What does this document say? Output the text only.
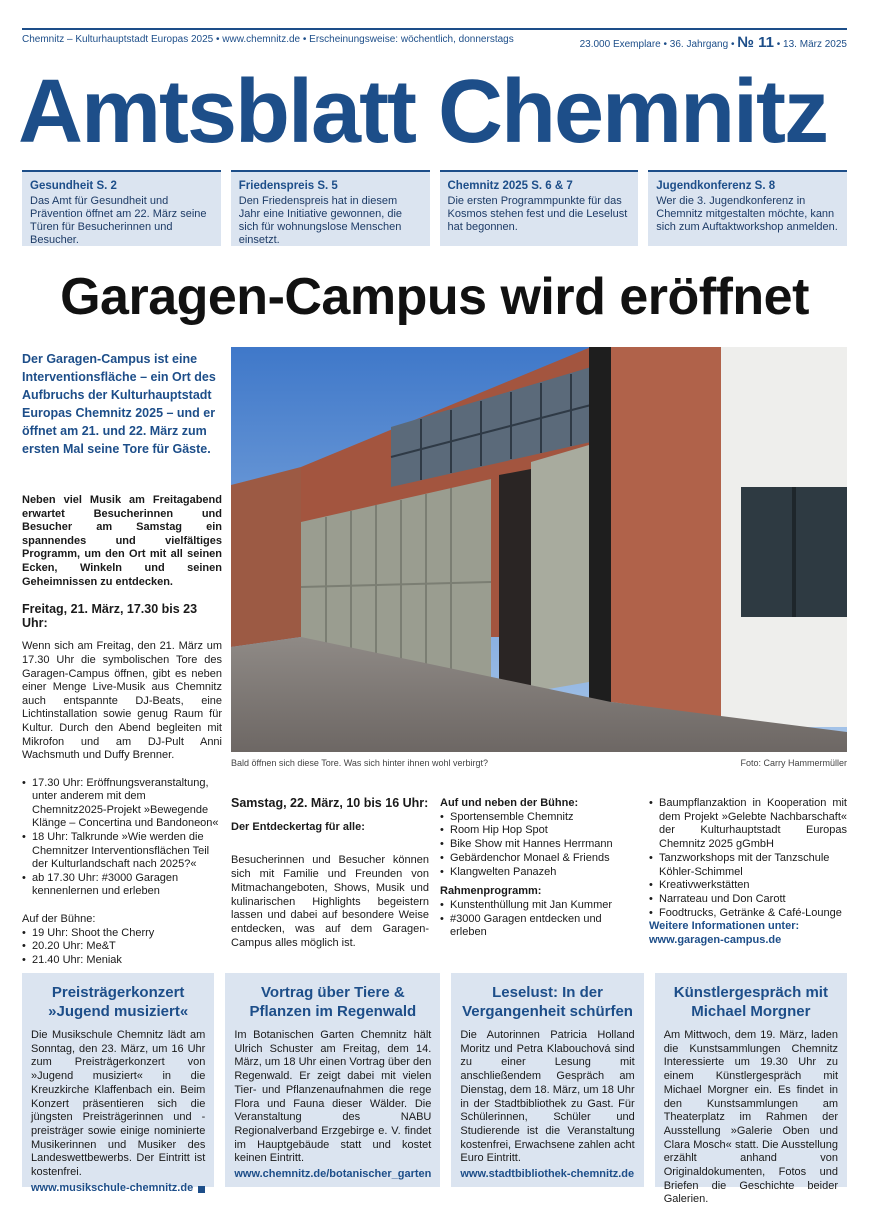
Chemnitz – Kulturhauptstadt Europas 2025 • www.chemnitz.de • Erscheinungsweise: wöchentlich, donnerstags	23.000 Exemplare • 36. Jahrgang • № 11 • 13. März 2025
Amtsblatt Chemnitz
Gesundheit S. 2
Das Amt für Gesundheit und Prävention öffnet am 22. März seine Türen für Besucherinnen und Besucher.
Friedenspreis S. 5
Den Friedenspreis hat in diesem Jahr eine Initiative gewonnen, die sich für wohnungslose Menschen einsetzt.
Chemnitz 2025 S. 6 & 7
Die ersten Programmpunkte für das Kosmos stehen fest und die Leselust hat begonnen.
Jugendkonferenz S. 8
Wer die 3. Jugendkonferenz in Chemnitz mitgestalten möchte, kann sich zum Auftaktworkshop anmelden.
Garagen-Campus wird eröffnet
Der Garagen-Campus ist eine Interventionsfläche – ein Ort des Aufbruchs der Kulturhauptstadt Europas Chemnitz 2025 – und er öffnet am 21. und 22. März zum ersten Mal seine Tore für Gäste.
Neben viel Musik am Freitagabend erwartet Besucherinnen und Besucher am Samstag ein spannendes und vielfältiges Programm, um den Ort mit all seinen Ecken, Winkeln und seinen Geheimnissen zu entdecken.
Freitag, 21. März, 17.30 bis 23 Uhr:

Wenn sich am Freitag, den 21. März um 17.30 Uhr die symbolischen Tore des Garagen-Campus öffnen, gibt es neben einer Menge Live-Musik aus Chemnitz auch entspannte DJ-Beats, eine Lichtinstallation sowie genug Raum für Kultur. Durch den Abend begleiten mit Mikrofon und am DJ-Pult Anni Wachsmuth und Duffy Brenner.

• 17.30 Uhr: Eröffnungsveranstaltung, unter anderem mit dem Chemnitz2025-Projekt »Bewegende Klänge – Concertina und Bandoneon«
• 18 Uhr: Talkrunde »Wie werden die Chemnitzer Interventionsflächen Teil der Kulturlandschaft nach 2025?«
• ab 17.30 Uhr: #3000 Garagen kennenlernen und erleben
Auf der Bühne:
• 19 Uhr: Shoot the Cherry
• 20.20 Uhr: Me&T
• 21.40 Uhr: Meniak
Bald öffnen sich diese Tore. Was sich hinter ihnen wohl verbirgt?	Foto: Carry Hammermüller
Samstag, 22. März, 10 bis 16 Uhr:
Der Entdeckertag für alle:

Besucherinnen und Besucher können sich mit Familie und Freunden von Mitmachangeboten, Shows, Musik und kulinarischen Highlights begeistern lassen und dabei auf besondere Weise entdecken, was auf dem Garagen-Campus alles möglich ist.

Auf und neben der Bühne:
• Sportensemble Chemnitz
• Room Hip Hop Spot
• Bike Show mit Hannes Herrmann
• Gebärdenchor Monael & Friends
• Klangwelten Panazeh
Rahmenprogramm:
• Kunstenthüllung mit Jan Kummer
• #3000 Garagen entdecken und erleben
• Baumpflanzaktion in Kooperation mit dem Projekt »Gelebte Nachbarschaft« der Kulturhauptstadt Europas Chemnitz 2025 gGmbH
• Tanzworkshops mit der Tanzschule Köhler-Schimmel
• Kreativwerkstätten
• Narrateau und Don Carott
• Foodtrucks, Getränke & Café-Lounge
Weitere Informationen unter:
www.garagen-campus.de
Preisträgerkonzert »Jugend musiziert«
Die Musikschule Chemnitz lädt am Sonntag, den 23. März, um 16 Uhr zum Preisträgerkonzert von »Jugend musiziert« in die Kreuzkirche Klaffenbach ein. Beim Konzert präsentieren sich die jüngsten Preisträgerinnen und -preisträger sowie einige nominierte Musikerinnen und Musiker des Landeswettbewerbs. Der Eintritt ist kostenfrei.
www.musikschule-chemnitz.de
Vortrag über Tiere & Pflanzen im Regenwald
Im Botanischen Garten Chemnitz hält Ulrich Schuster am Freitag, dem 14. März, um 18 Uhr einen Vortrag über den Regenwald. Er zeigt dabei mit vielen Tier- und Pflanzenaufnahmen die rege Flora und Fauna dieser Wälder. Die Veranstaltung des NABU Regionalverband Erzgebirge e. V. findet im Hauptgebäude statt und kostet keinen Eintritt.
www.chemnitz.de/botanischer_garten
Leselust: In der Vergangenheit schürfen
Die Autorinnen Patricia Holland Moritz und Petra Klabouchová sind zu einer Lesung mit anschließendem Gespräch am Dienstag, dem 18. März, um 18 Uhr in der Stadtbibliothek zu Gast. Für Schülerinnen, Schüler und Studierende ist die Veranstaltung kostenfrei, Erwachsene zahlen acht Euro Eintritt.
www.stadtbibliothek-chemnitz.de
Künstlergespräch mit Michael Morgner
Am Mittwoch, dem 19. März, laden die Kunstsammlungen Chemnitz Interessierte um 19.30 Uhr zu einem Künstlergespräch mit Michael Morgner ein. Es findet in den Kunstsammlungen am Theaterplatz im Rahmen der Ausstellung »Galerie Oben und Clara Mosch« statt. Die Ausstellung erzählt anhand von Originaldokumenten, Fotos und Briefen die Geschichte beider Galerien.
